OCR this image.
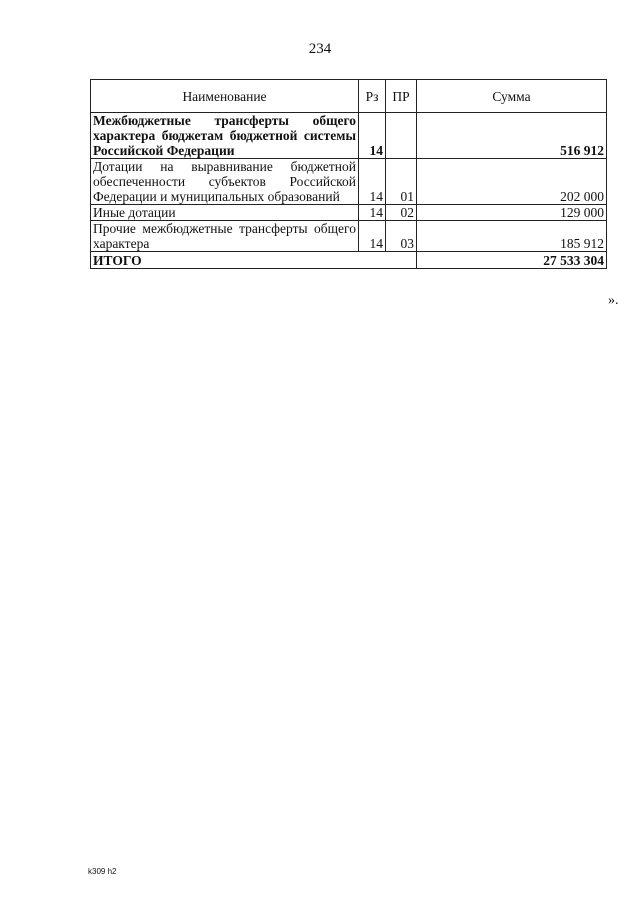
234
Наименование	Рз	ПР	Сумма
Межбюджетные трансферты общего характера бюджетам бюджетной системы Российской Федерации	14		516 912
Дотации на выравнивание бюджетной обеспеченности субъектов Российской Федерации и муниципальных образований	14	01	202 000
Иные дотации	14	02	129 000
Прочие межбюджетные трансферты общего характера	14	03	185 912
ИТОГО			27 533 304
».
k309 h2
